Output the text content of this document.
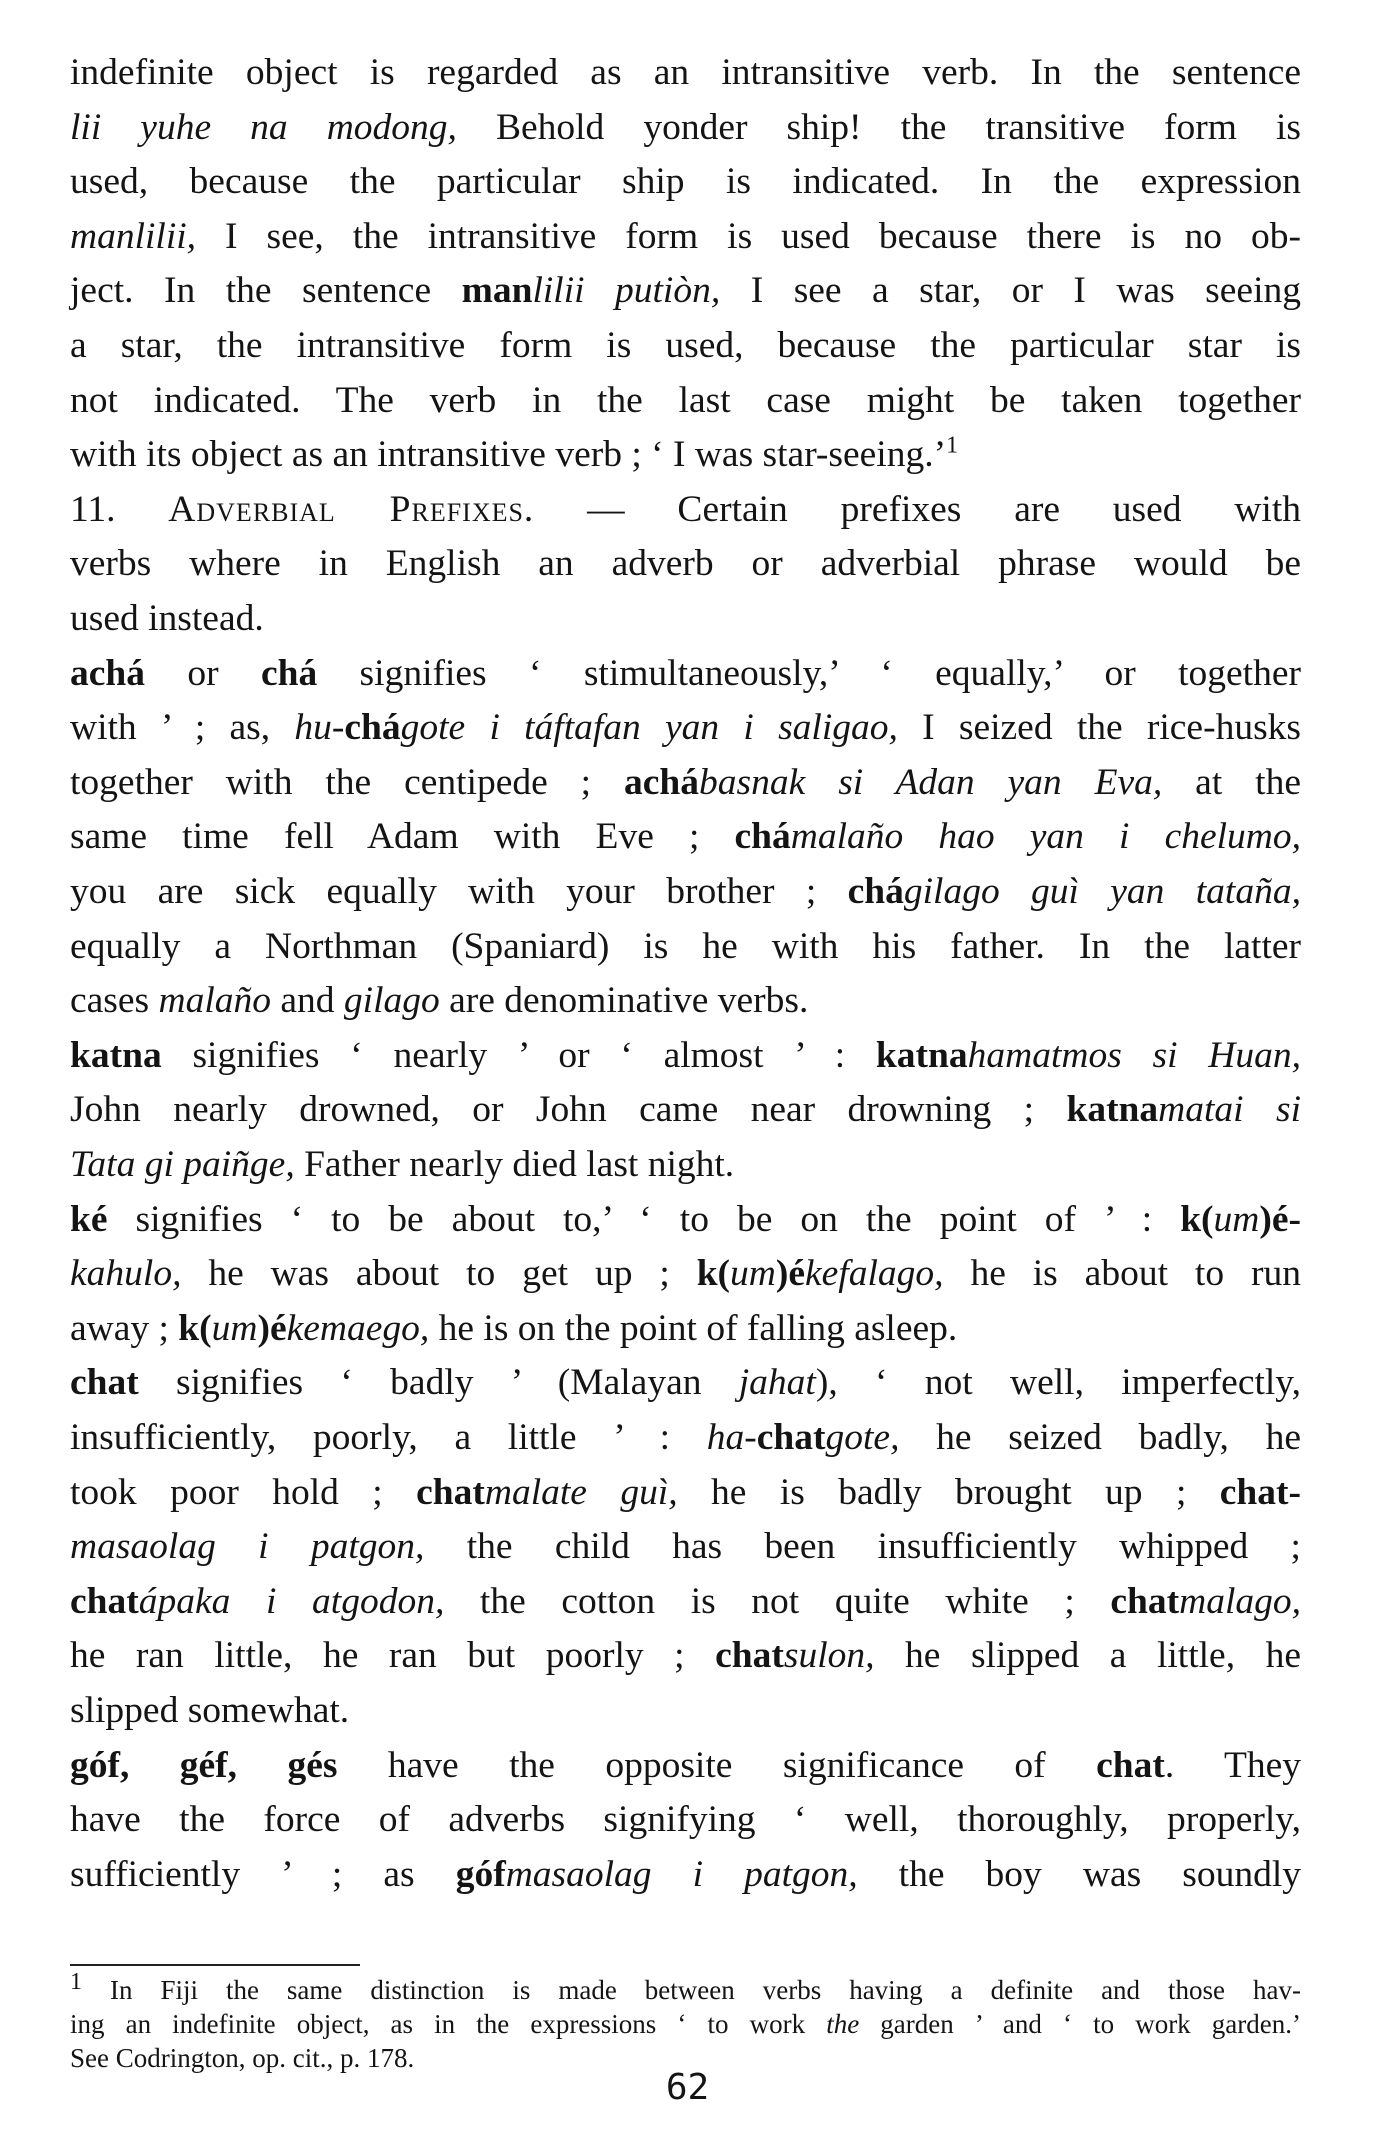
indefinite object is regarded as an intransitive verb. In the sentence
lii yuhe na modong, Behold yonder ship! the transitive form is
used, because the particular ship is indicated. In the expression
manlilii, I see, the intransitive form is used because there is no ob-
ject. In the sentence manlilii putiòn, I see a star, or I was seeing
a star, the intransitive form is used, because the particular star is
not indicated. The verb in the last case might be taken together
with its object as an intransitive verb ; ‘ I was star-seeing.’$^1$
11. Adverbial Prefixes. — Certain prefixes are used with
verbs where in English an adverb or adverbial phrase would be
used instead.
achá or chá signifies ‘ stimultaneously,’ ‘ equally,’ or together
with ’ ; as, hu-chágote i táftafan yan i saligao, I seized the rice-husks
together with the centipede ; achábasnak si Adan yan Eva, at the
same time fell Adam with Eve ; chámalaño hao yan i chelumo,
you are sick equally with your brother ; chágilago guì yan tataña,
equally a Northman (Spaniard) is he with his father. In the latter
cases malaño and gilago are denominative verbs.
katna signifies ‘ nearly ’ or ‘ almost ’ : katnahamatmos si Huan,
John nearly drowned, or John came near drowning ; katnamatai si
Tata gi paiñge, Father nearly died last night.
ké signifies ‘ to be about to,’ ‘ to be on the point of ’ : k(um)é-
kahulo, he was about to get up ; k(um)ékefalago, he is about to run
away ; k(um)ékemaego, he is on the point of falling asleep.
chat signifies ‘ badly ’ (Malayan jahat), ‘ not well, imperfectly,
insufficiently, poorly, a little ’ : ha-chatgote, he seized badly, he
took poor hold ; chatmalate guì, he is badly brought up ; chat-
masaolag i patgon, the child has been insufficiently whipped ;
chatápaka i atgodon, the cotton is not quite white ; chatmalago,
he ran little, he ran but poorly ; chatsulon, he slipped a little, he
slipped somewhat.
góf, géf, gés have the opposite significance of chat. They
have the force of adverbs signifying ‘ well, thoroughly, properly,
sufficiently ’ ; as gófmasaolag i patgon, the boy was soundly
$^1$ In Fiji the same distinction is made between verbs having a definite and those hav-
ing an indefinite object, as in the expressions ‘ to work the garden ’ and ‘ to work garden.’
See Codrington, op. cit., p. 178.
62
